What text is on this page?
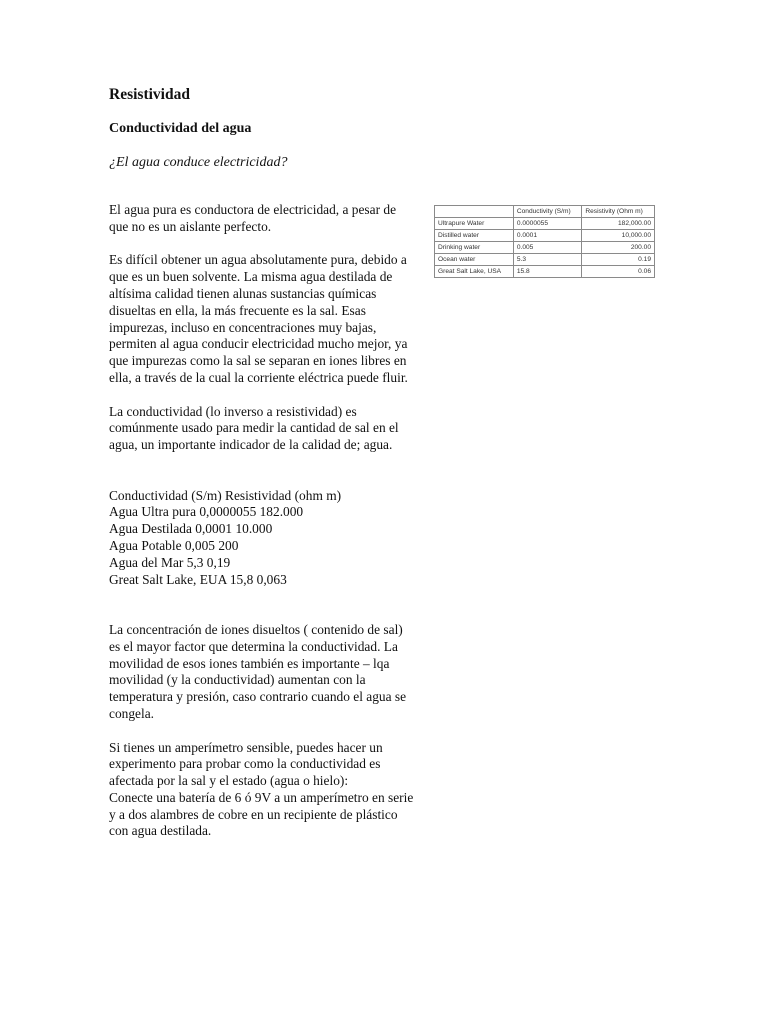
Resistividad
Conductividad del agua

¿El agua conduce electricidad?

El agua pura es conductora de electricidad, a pesar de que no es un aislante perfecto.

Es difícil obtener un agua absolutamente pura, debido a que es un buen solvente. La misma agua destilada de altísima calidad tienen alunas sustancias químicas disueltas en ella, la más frecuente es la sal. Esas impurezas, incluso en concentraciones muy bajas, permiten al agua conducir electricidad mucho mejor, ya que impurezas como la sal se separan en iones libres en ella, a través de la cual la corriente eléctrica puede fluir.

La conductividad (lo inverso a resistividad) es comúnmente usado para medir la cantidad de sal en el agua, un importante indicador de la calidad de; agua.

Conductividad (S/m) Resistividad (ohm m)

Agua Ultra pura 0,0000055 182.000

Agua Destilada 0,0001 10.000

Agua Potable 0,005 200

Agua del Mar 5,3 0,19

Great Salt Lake, EUA 15,8 0,063

La concentración de iones disueltos ( contenido de sal) es el mayor factor que determina la conductividad. La movilidad de esos iones también es importante – lqa movilidad (y la conductividad) aumentan con la temperatura y presión, caso contrario cuando el agua se congela.

Si tienes un amperímetro sensible, puedes hacer un experimento para probar como la conductividad es afectada por la sal y el estado (agua o hielo):

Conecte una batería de 6 ó 9V a un amperímetro en serie y a dos alambres de cobre en un recipiente de plástico con agua destilada.

	Conductivity (S/m)	Resistivity (Ohm m)
Ultrapure Water	0.0000055	182,000.00
Distilled water	0.0001	10,000.00
Drinking water	0.005	200.00
Ocean water	5.3	0.19
Great Salt Lake, USA	15.8	0.06
